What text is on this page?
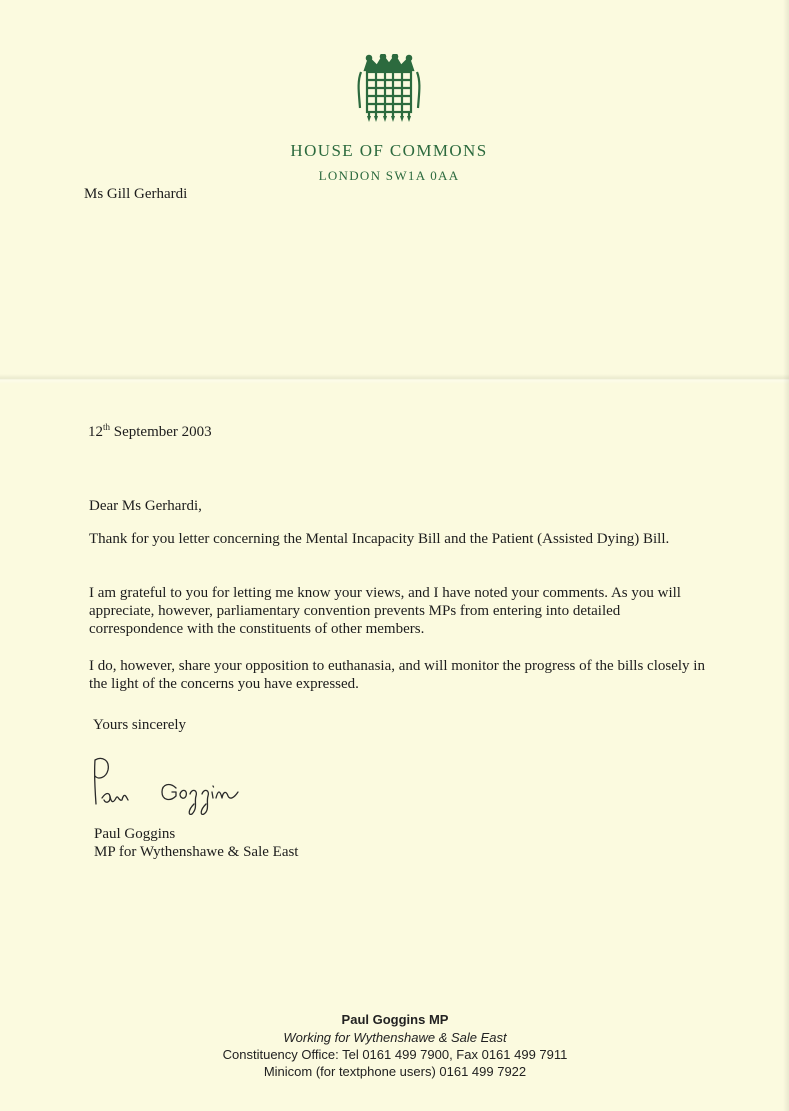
HOUSE OF COMMONS
LONDON SW1A 0AA

Ms Gill Gerhardi

12th September 2003

Dear Ms Gerhardi,

Thank for you letter concerning the Mental Incapacity Bill and the Patient (Assisted Dying) Bill.

I am grateful to you for letting me know your views, and I have noted your comments. As you will appreciate, however, parliamentary convention prevents MPs from entering into detailed correspondence with the constituents of other members.

I do, however, share your opposition to euthanasia, and will monitor the progress of the bills closely in the light of the concerns you have expressed.

Yours sincerely

Paul Goggins

MP for Wythenshawe & Sale East

Paul Goggins MP
Working for Wythenshawe & Sale East
Constituency Office: Tel 0161 499 7900, Fax 0161 499 7911
Minicom (for textphone users) 0161 499 7922
